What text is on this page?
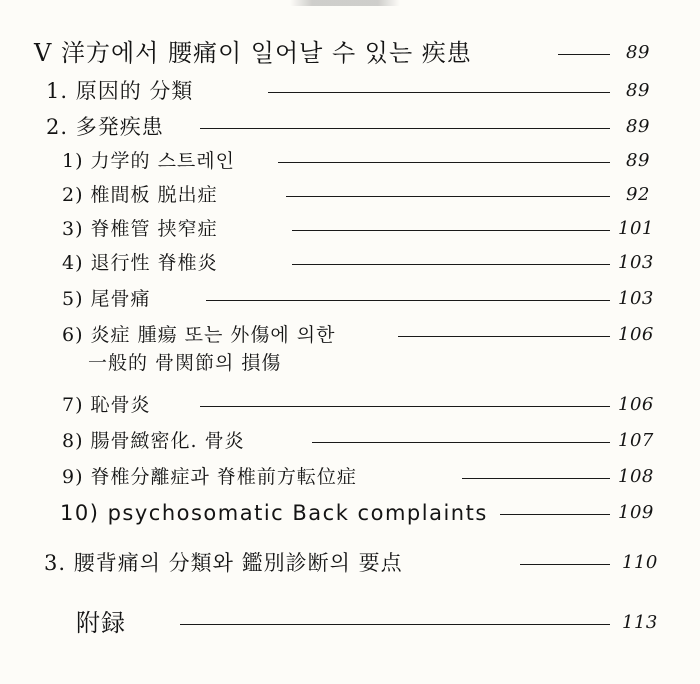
V 洋方에서 腰痛이 일어날 수 있는 疾患	89
1. 原因的 分類	89
2. 多発疾患	89
1) 力学的 스트레인	89
2) 椎間板 脱出症	92
3) 脊椎管 挟窄症	101
4) 退行性 脊椎炎	103
5) 尾骨痛	103
6) 炎症 腫瘍 또는 外傷에 의한	106
一般的 骨関節의 損傷
7) 恥骨炎	106
8) 腸骨緻密化. 骨炎	107
9) 脊椎分離症과 脊椎前方転位症	108
10) psychosomatic Back complaints	109
3. 腰背痛의 分類와 鑑別診断의 要点	110
附録	113
